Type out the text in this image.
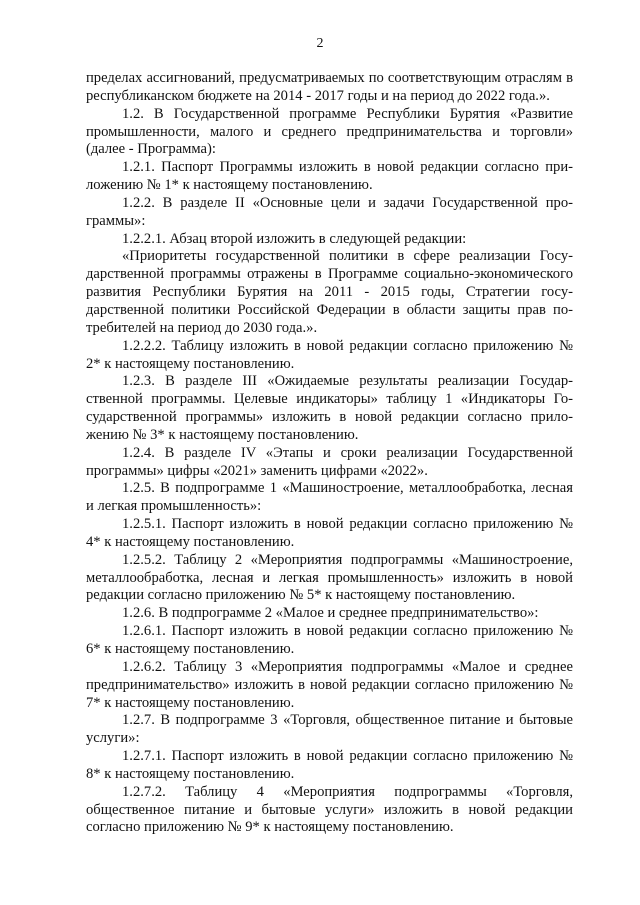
2

пределах ассигнований, предусматриваемых по соответствующим отраслям в республиканском бюджете на 2014 - 2017 годы и на период до 2022 года.».

1.2. В Государственной программе Республики Бурятия «Развитие промышленности, малого и среднего предпринимательства и торговли» (далее - Программа):

1.2.1. Паспорт Программы изложить в новой редакции согласно приложению № 1* к настоящему постановлению.

1.2.2. В разделе II «Основные цели и задачи Государственной программы»:

1.2.2.1. Абзац второй изложить в следующей редакции:

«Приоритеты государственной политики в сфере реализации Государственной программы отражены в Программе социально-экономического развития Республики Бурятия на 2011 - 2015 годы, Стратегии государственной политики Российской Федерации в области защиты прав потребителей на период до 2030 года.».

1.2.2.2. Таблицу изложить в новой редакции согласно приложению № 2* к настоящему постановлению.

1.2.3. В разделе III «Ожидаемые результаты реализации Государственной программы. Целевые индикаторы» таблицу 1 «Индикаторы Государственной программы» изложить в новой редакции согласно приложению № 3* к настоящему постановлению.

1.2.4. В разделе IV «Этапы и сроки реализации Государственной программы» цифры «2021» заменить цифрами «2022».

1.2.5. В подпрограмме 1 «Машиностроение, металлообработка, лесная и легкая промышленность»:

1.2.5.1. Паспорт изложить в новой редакции согласно приложению № 4* к настоящему постановлению.

1.2.5.2. Таблицу 2 «Мероприятия подпрограммы «Машиностроение, металлообработка, лесная и легкая промышленность» изложить в новой редакции согласно приложению № 5* к настоящему постановлению.

1.2.6. В подпрограмме 2 «Малое и среднее предпринимательство»:

1.2.6.1. Паспорт изложить в новой редакции согласно приложению № 6* к настоящему постановлению.

1.2.6.2. Таблицу 3 «Мероприятия подпрограммы «Малое и среднее предпринимательство» изложить в новой редакции согласно приложению № 7* к настоящему постановлению.

1.2.7. В подпрограмме 3 «Торговля, общественное питание и бытовые услуги»:

1.2.7.1. Паспорт изложить в новой редакции согласно приложению № 8* к настоящему постановлению.

1.2.7.2. Таблицу 4 «Мероприятия подпрограммы «Торговля, общественное питание и бытовые услуги» изложить в новой редакции согласно приложению № 9* к настоящему постановлению.
